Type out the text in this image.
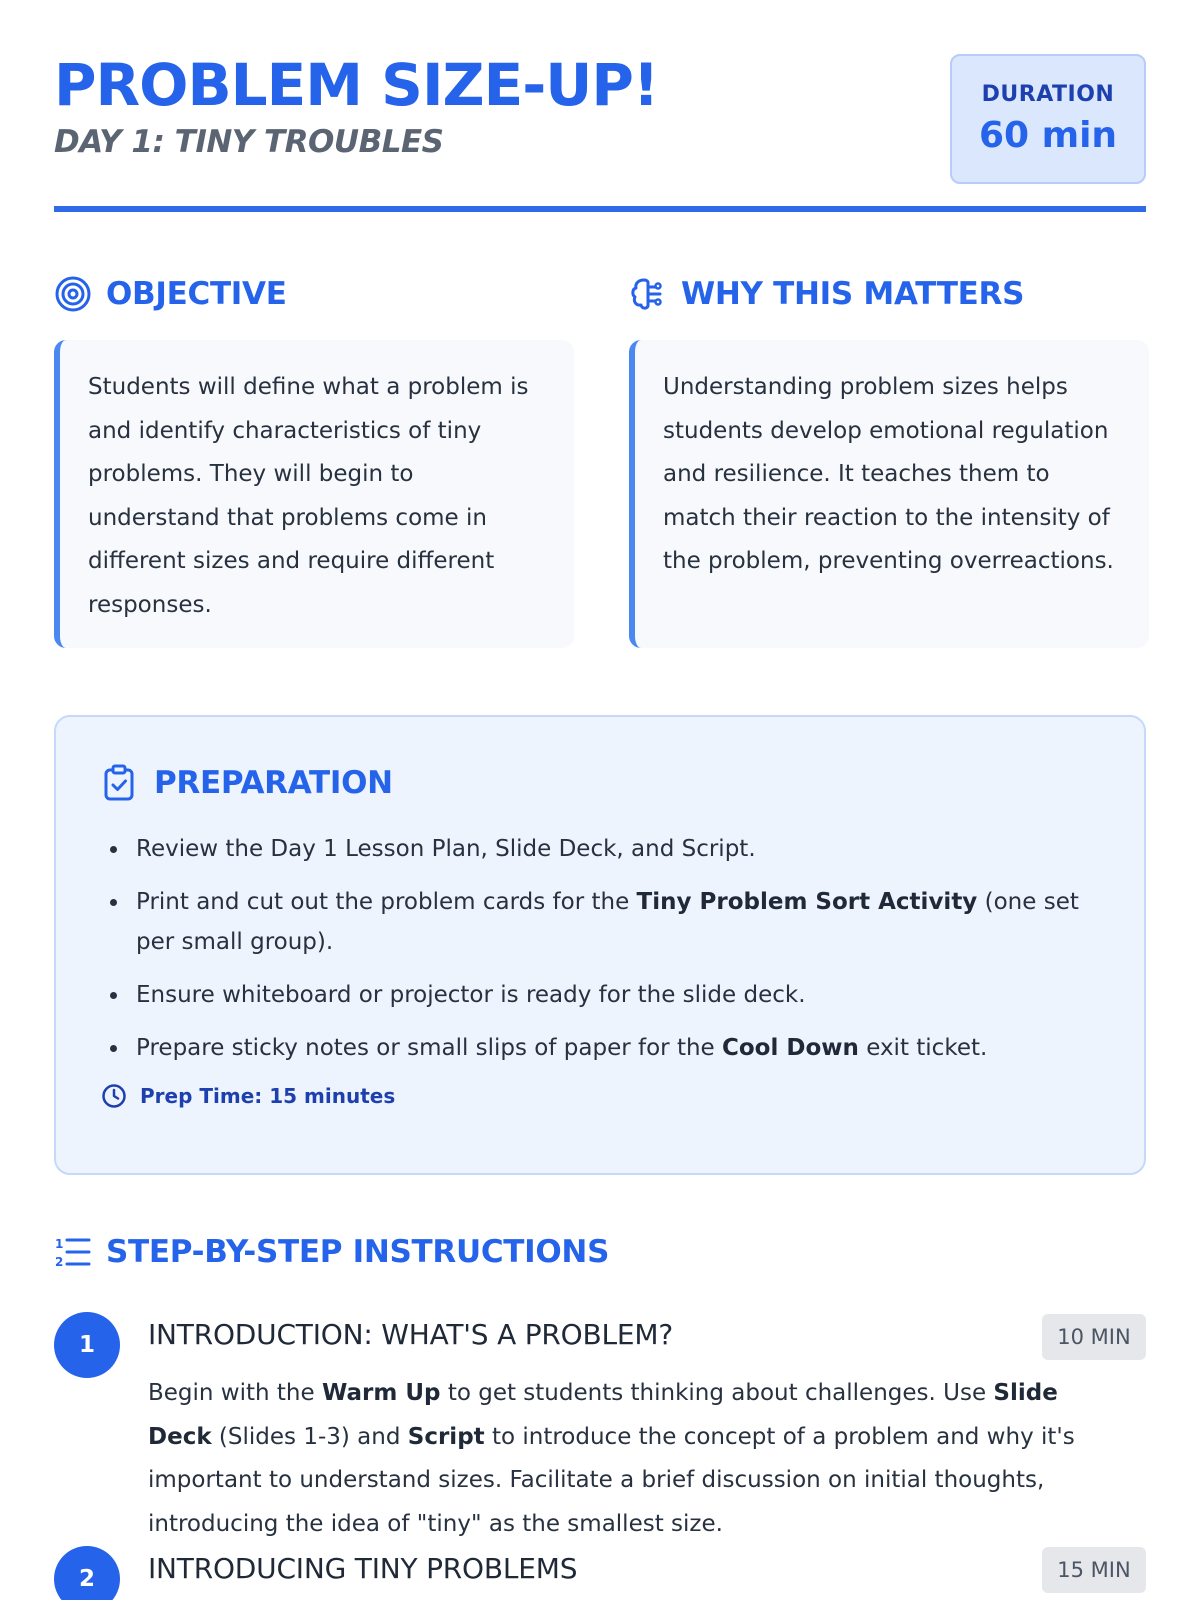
PROBLEM SIZE-UP!
DAY 1: TINY TROUBLES
DURATION
60 min
OBJECTIVE

Students will define what a problem is and identify characteristics of tiny problems. They will begin to understand that problems come in different sizes and require different responses.

WHY THIS MATTERS

Understanding problem sizes helps students develop emotional regulation and resilience. It teaches them to match their reaction to the intensity of the problem, preventing overreactions.

PREPARATION
Review the Day 1 Lesson Plan, Slide Deck, and Script.
Print and cut out the problem cards for the Tiny Problem Sort Activity (one set per small group).
Ensure whiteboard or projector is ready for the slide deck.
Prepare sticky notes or small slips of paper for the Cool Down exit ticket.
Prep Time: 15 minutes
1
2 STEP-BY-STEP INSTRUCTIONS
1	INTRODUCTION: WHAT'S A PROBLEM?	10 MIN

Begin with the Warm Up to get students thinking about challenges. Use Slide Deck (Slides 1-3) and Script to introduce the concept of a problem and why it's important to understand sizes. Facilitate a brief discussion on initial thoughts, introducing the idea of "tiny" as the smallest size.

2	INTRODUCING TINY PROBLEMS	15 MIN
